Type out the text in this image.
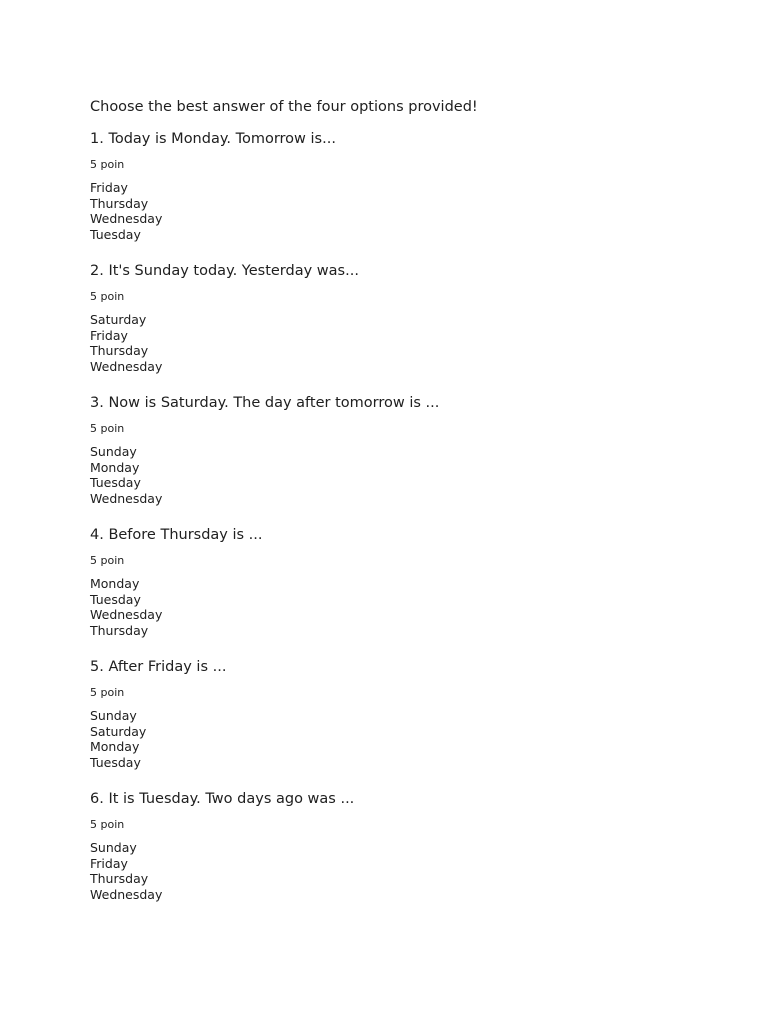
Choose the best answer of the four options provided!

1. Today is Monday. Tomorrow is...

5 poin

Friday
Thursday
Wednesday
Tuesday

2. It's Sunday today. Yesterday was...

5 poin

Saturday
Friday
Thursday
Wednesday

3. Now is Saturday. The day after tomorrow is ...

5 poin

Sunday
Monday
Tuesday
Wednesday

4. Before Thursday is ...

5 poin

Monday
Tuesday
Wednesday
Thursday

5. After Friday is ...

5 poin

Sunday
Saturday
Monday
Tuesday

6. It is Tuesday. Two days ago was ...

5 poin

Sunday
Friday
Thursday
Wednesday
